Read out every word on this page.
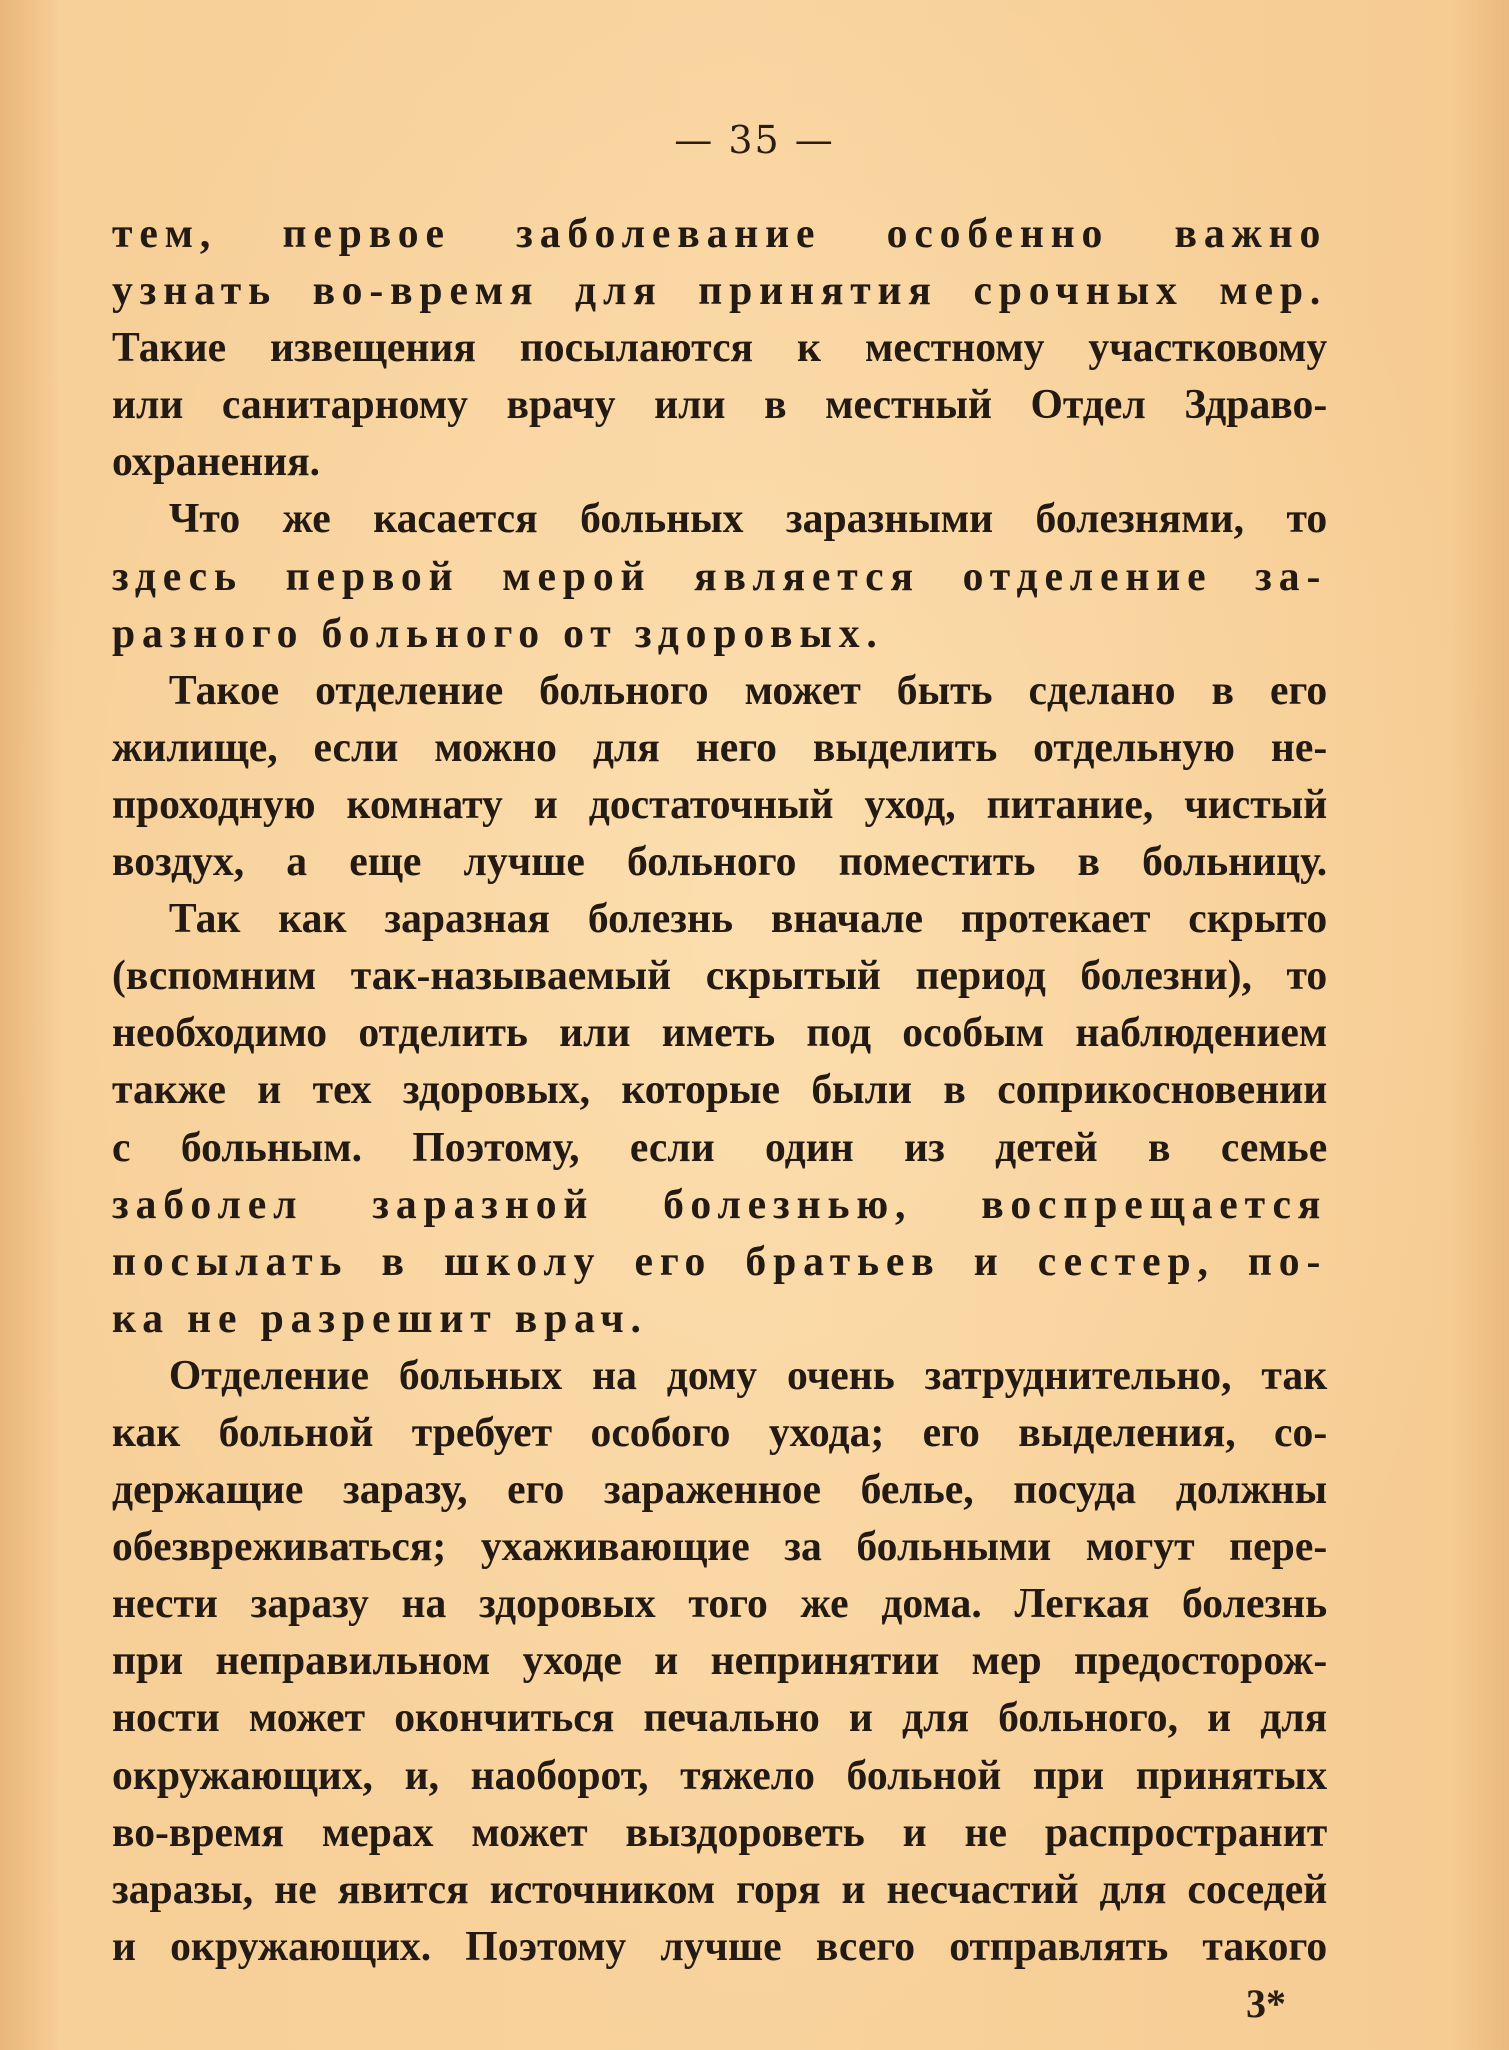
— 35 —
тем, первое заболевание особенно важно
узнать во-время для принятия срочных мер.
Такие извещения посылаются к местному участковому
или санитарному врачу или в местный Отдел Здраво-
охранения.
Что же касается больных заразными болезнями, то
здесь первой мерой является отделение за-
разного больного от здоровых.
Такое отделение больного может быть сделано в его
жилище, если можно для него выделить отдельную не-
проходную комнату и достаточный уход, питание, чистый
воздух, а еще лучше больного поместить в больницу.
Так как заразная болезнь вначале протекает скрыто
(вспомним так-называемый скрытый период болезни), то
необходимо отделить или иметь под особым наблюдением
также и тех здоровых, которые были в соприкосновении
с больным. Поэтому, если один из детей в семье
заболел заразной болезнью, воспрещается
посылать в школу его братьев и сестер, по-
ка не разрешит врач.
Отделение больных на дому очень затруднительно, так
как больной требует особого ухода; его выделения, со-
держащие заразу, его зараженное белье, посуда должны
обезвреживаться; ухаживающие за больными могут пере-
нести заразу на здоровых того же дома. Легкая болезнь
при неправильном уходе и непринятии мер предосторож-
ности может окончиться печально и для больного, и для
окружающих, и, наоборот, тяжело больной при принятых
во-время мерах может выздороветь и не распространит
заразы, не явится источником горя и несчастий для соседей
и окружающих. Поэтому лучше всего отправлять такого
3*
